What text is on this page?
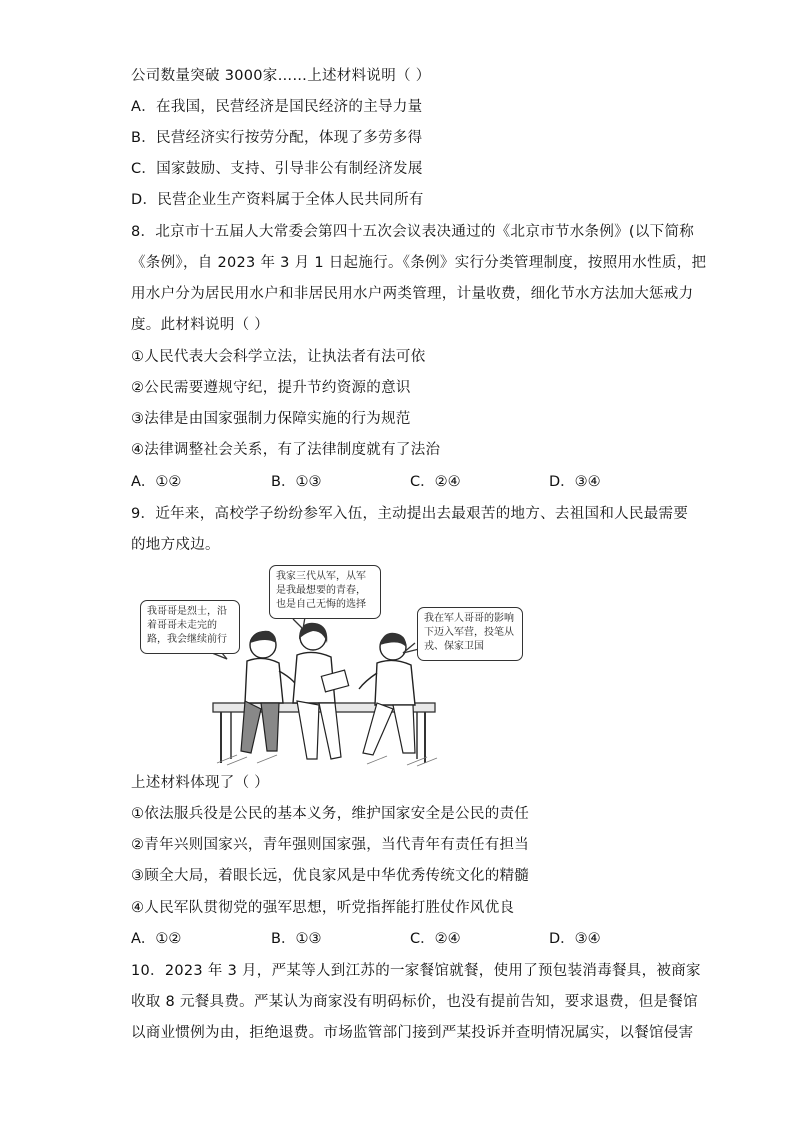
公司数量突破 3000家……上述材料说明（ ）
A．在我国，民营经济是国民经济的主导力量
B．民营经济实行按劳分配，体现了多劳多得
C．国家鼓励、支持、引导非公有制经济发展
D．民营企业生产资料属于全体人民共同所有
8．北京市十五届人大常委会第四十五次会议表决通过的《北京市节水条例》(以下简称
《条例》，自 2023 年 3 月 1 日起施行。《条例》实行分类管理制度，按照用水性质，把
用水户分为居民用水户和非居民用水户两类管理，计量收费，细化节水方法加大惩戒力
度。此材料说明（ ）
①人民代表大会科学立法，让执法者有法可依
②公民需要遵规守纪，提升节约资源的意识
③法律是由国家强制力保障实施的行为规范
④法律调整社会关系，有了法律制度就有了法治
A．①②	B．①③	C．②④	D．③④
9．近年来，高校学子纷纷参军入伍，主动提出去最艰苦的地方、去祖国和人民最需要
的地方戍边。
我哥哥是烈士，沿着哥哥未走完的路，我会继续前行
我家三代从军，从军是我最想要的青春，也是自己无悔的选择
我在军人哥哥的影响下迈入军营，投笔从戎、保家卫国
上述材料体现了（ ）
①依法服兵役是公民的基本义务，维护国家安全是公民的责任
②青年兴则国家兴，青年强则国家强，当代青年有责任有担当
③顾全大局，着眼长远，优良家风是中华优秀传统文化的精髓
④人民军队贯彻党的强军思想，听党指挥能打胜仗作风优良
A．①②	B．①③	C．②④	D．③④
10．2023 年 3 月，严某等人到江苏的一家餐馆就餐，使用了预包装消毒餐具，被商家
收取 8 元餐具费。严某认为商家没有明码标价，也没有提前告知，要求退费，但是餐馆
以商业惯例为由，拒绝退费。市场监管部门接到严某投诉并查明情况属实，以餐馆侵害
